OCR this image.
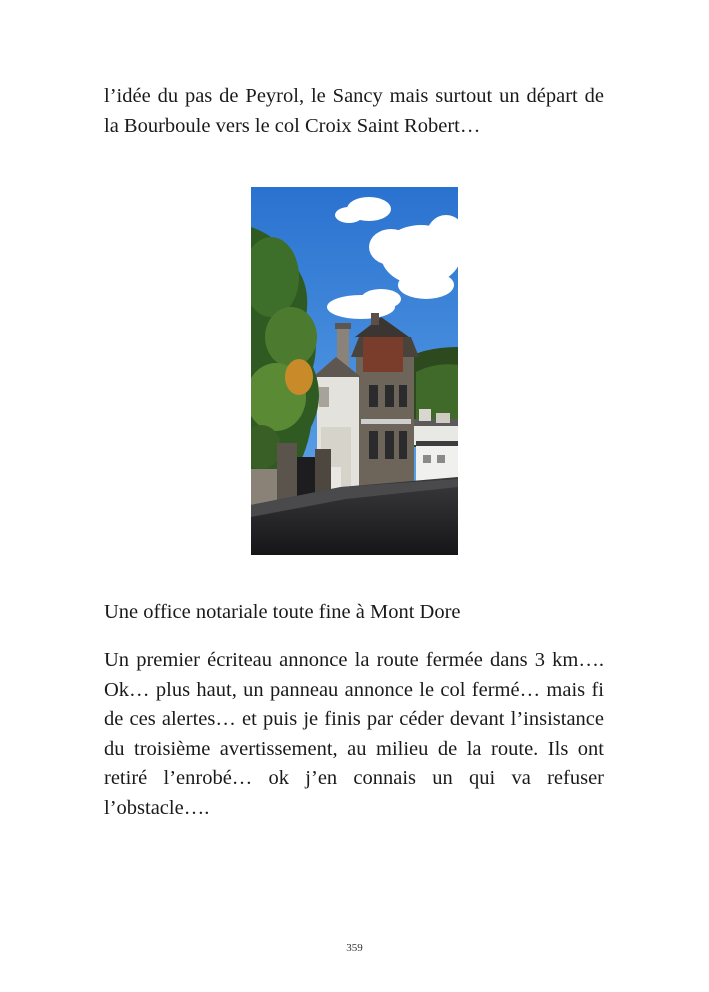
l’idée du pas de Peyrol, le Sancy mais surtout un départ de la Bourboule vers le col Croix Saint Robert…

Une office notariale toute fine à Mont Dore

Un premier écriteau annonce la route fermée dans 3 km…. Ok… plus haut, un panneau annonce le col fermé… mais fi de ces alertes… et puis je finis par céder devant l’insistance du troisième avertissement, au milieu de la route. Ils ont retiré l’enrobé… ok j’en connais un qui va refuser l’obstacle….

359
